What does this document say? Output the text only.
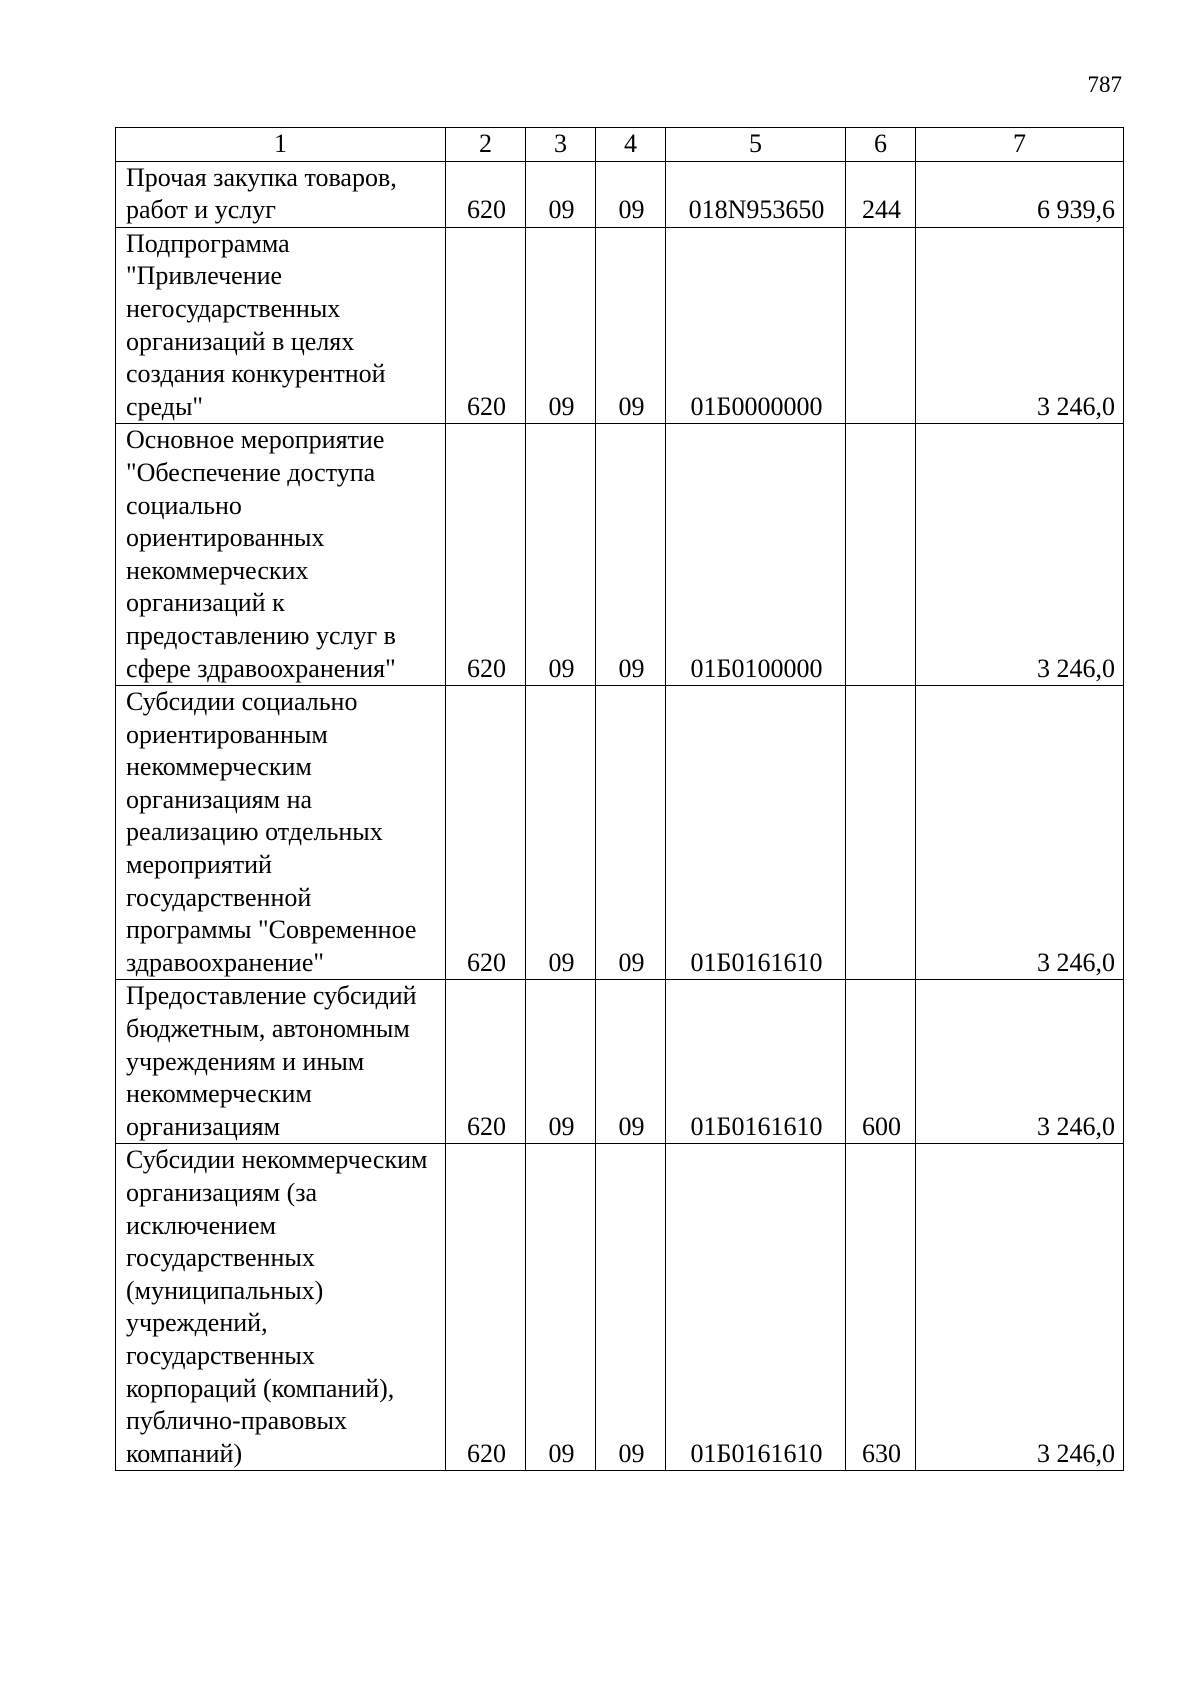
787
1	2	3	4	5	6	7
Прочая закупка товаров, работ и услуг	620	09	09	018N953650	244	6 939,6
Подпрограмма "Привлечение негосударственных организаций в целях создания конкурентной среды"	620	09	09	01Б0000000		3 246,0
Основное мероприятие "Обеспечение доступа социально ориентированных некоммерческих организаций к предоставлению услуг в сфере здравоохранения"	620	09	09	01Б0100000		3 246,0
Субсидии социально ориентированным некоммерческим организациям на реализацию отдельных мероприятий государственной программы "Современное здравоохранение"	620	09	09	01Б0161610		3 246,0
Предоставление субсидий бюджетным, автономным учреждениям и иным некоммерческим организациям	620	09	09	01Б0161610	600	3 246,0
Субсидии некоммерческим организациям (за исключением государственных (муниципальных) учреждений, государственных корпораций (компаний), публично-правовых компаний)	620	09	09	01Б0161610	630	3 246,0
